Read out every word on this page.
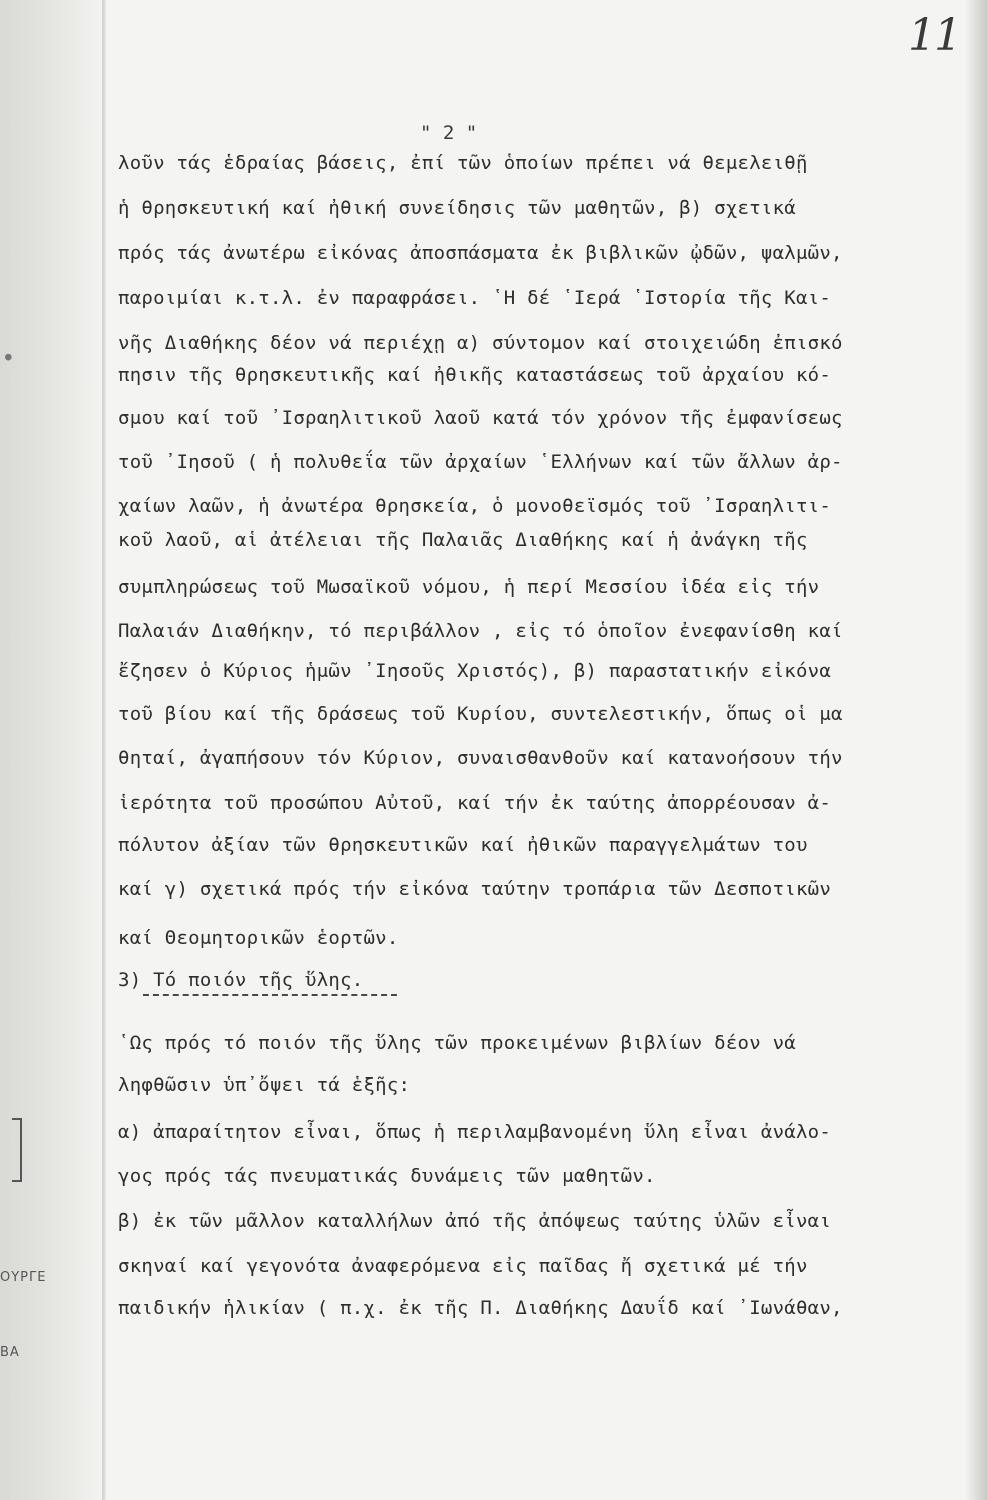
11
" 2 "
λοῦν τάς ἑδραίας βάσεις, ἐπί τῶν ὁποίων πρέπει νά θεμελειθῇ
ἡ θρησκευτική καί ἠθική συνείδησις τῶν μαθητῶν, β) σχετικά
πρός τάς ἀνωτέρω εἰκόνας ἀποσπάσματα ἐκ βιβλικῶν ᾠδῶν, ψαλμῶν,
παροιμίαι κ.τ.λ. ἐν παραφράσει. ῾Η δέ ῾Ιερά ῾Ιστορία τῆς Και-
νῆς Διαθήκης δέον νά περιέχῃ α) σύντομον καί στοιχειώδη ἐπισκό
πησιν τῆς θρησκευτικῆς καί ἠθικῆς καταστάσεως τοῦ ἀρχαίου κό-
σμου καί τοῦ ᾽Ισραηλιτικοῦ λαοῦ κατά τόν χρόνον τῆς ἐμφανίσεως
τοῦ ᾽Ιησοῦ ( ἡ πολυθεΐα τῶν ἀρχαίων ῾Ελλήνων καί τῶν ἄλλων ἀρ-
χαίων λαῶν, ἡ ἀνωτέρα θρησκεία, ὁ μονοθεϊσμός τοῦ ᾽Ισραηλιτι-
κοῦ λαοῦ, αἱ ἀτέλειαι τῆς Παλαιᾶς Διαθήκης καί ἡ ἀνάγκη τῆς
συμπληρώσεως τοῦ Μωσαϊκοῦ νόμου, ἡ περί Μεσσίου ἰδέα εἰς τήν
Παλαιάν Διαθήκην, τό περιβάλλον , εἰς τό ὁποῖον ἐνεφανίσθη καί
ἔζησεν ὁ Κύριος ἡμῶν ᾽Ιησοῦς Χριστός), β) παραστατικήν εἰκόνα
τοῦ βίου καί τῆς δράσεως τοῦ Κυρίου, συντελεστικήν, ὅπως οἱ μα
θηταί, ἀγαπήσουν τόν Κύριον, συναισθανθοῦν καί κατανοήσουν τήν
ἱερότητα τοῦ προσώπου Αὐτοῦ, καί τήν ἐκ ταύτης ἀπορρέουσαν ἀ-
πόλυτον ἀξίαν τῶν θρησκευτικῶν καί ἠθικῶν παραγγελμάτων του
καί γ) σχετικά πρός τήν εἰκόνα ταύτην τροπάρια τῶν Δεσποτικῶν
καί Θεομητορικῶν ἑορτῶν.
3) Τό ποιόν τῆς ὕλης.
῾Ως πρός τό ποιόν τῆς ὕλης τῶν προκειμένων βιβλίων δέον νά
ληφθῶσιν ὑπ᾽ὄψει τά ἑξῆς:
α) ἀπαραίτητον εἶναι, ὅπως ἡ περιλαμβανομένη ὕλη εἶναι ἀνάλο-
γος πρός τάς πνευματικάς δυνάμεις τῶν μαθητῶν.
β) ἐκ τῶν μᾶλλον καταλλήλων ἀπό τῆς ἀπόψεως ταύτης ὑλῶν εἶναι
σκηναί καί γεγονότα ἀναφερόμενα εἰς παῖδας ἤ σχετικά μέ τήν
παιδικήν ἡλικίαν ( π.χ. ἐκ τῆς Π. Διαθήκης Δαυΐδ καί ᾽Ιωνάθαν,
●
ΟΥΡΓΕ
ΒΑ
